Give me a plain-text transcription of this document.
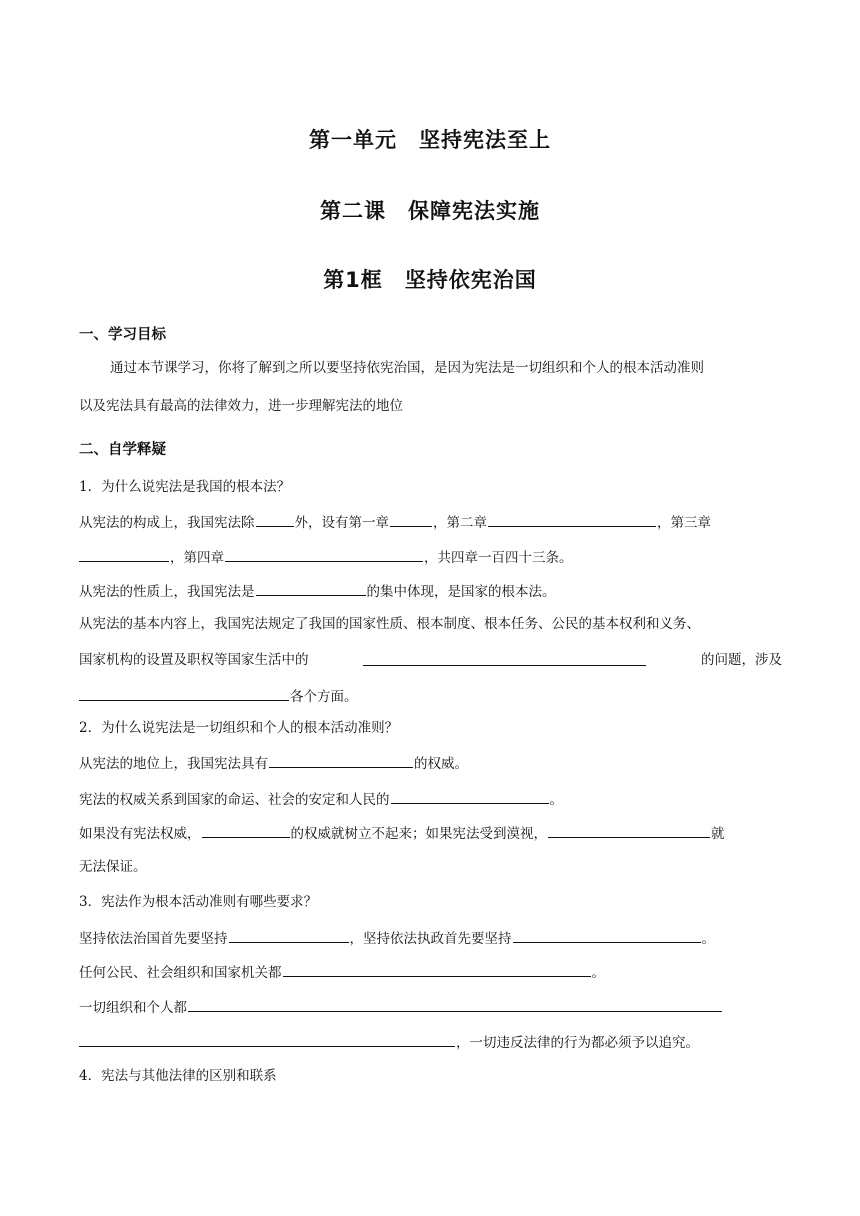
第一单元　坚持宪法至上
第二课　保障宪法实施
第1框　坚持依宪治国
一、学习目标
通过本节课学习，你将了解到之所以要坚持依宪治国，是因为宪法是一切组织和个人的根本活动准则
以及宪法具有最高的法律效力，进一步理解宪法的地位
二、自学释疑
1．为什么说宪法是我国的根本法？
从宪法的构成上，我国宪法除	外，设有第一章	，第二章	，第三章
，第四章	，共四章一百四十三条。
从宪法的性质上，我国宪法是	的集中体现，是国家的根本法。
从宪法的基本内容上，我国宪法规定了我国的国家性质、根本制度、根本任务、公民的基本权利和义务、
国家机构的设置及职权等国家生活中的	的问题，涉及
各个方面。
2．为什么说宪法是一切组织和个人的根本活动准则？
从宪法的地位上，我国宪法具有	的权威。
宪法的权威关系到国家的命运、社会的安定和人民的	。
如果没有宪法权威，	的权威就树立不起来；如果宪法受到漠视，	就
无法保证。
3．宪法作为根本活动准则有哪些要求？
坚持依法治国首先要坚持	，坚持依法执政首先要坚持	。
任何公民、社会组织和国家机关都	。
一切组织和个人都
，一切违反法律的行为都必须予以追究。
4．宪法与其他法律的区别和联系
